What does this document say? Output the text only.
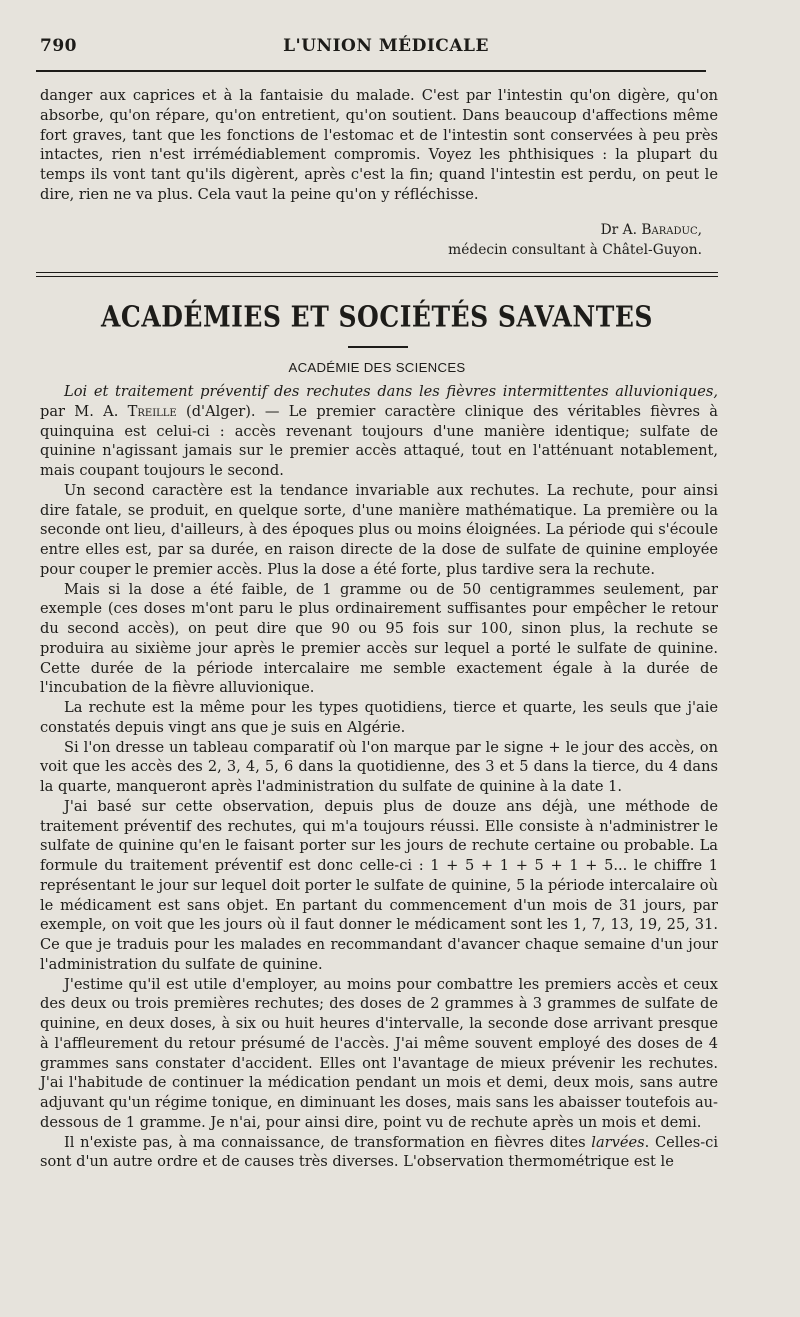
790	L'UNION MÉDICALE

danger aux caprices et à la fantaisie du malade. C'est par l'intestin qu'on digère, qu'on absorbe, qu'on répare, qu'on entretient, qu'on soutient. Dans beaucoup d'affections même fort graves, tant que les fonctions de l'estomac et de l'intestin sont conservées à peu près intactes, rien n'est irrémédiablement compromis. Voyez les phthisiques : la plupart du temps ils vont tant qu'ils digèrent, après c'est la fin; quand l'intestin est perdu, on peut le dire, rien ne va plus. Cela vaut la peine qu'on y réfléchisse.

Dr A. Baraduc,
médecin consultant à Châtel-Guyon.
ACADÉMIES ET SOCIÉTÉS SAVANTES
ACADÉMIE DES SCIENCES

Loi et traitement préventif des rechutes dans les fièvres intermittentes alluvioniques, par M. A. Treille (d'Alger). — Le premier caractère clinique des véritables fièvres à quinquina est celui-ci : accès revenant toujours d'une manière identique; sulfate de quinine n'agissant jamais sur le premier accès attaqué, tout en l'atténuant notablement, mais coupant toujours le second.

Un second caractère est la tendance invariable aux rechutes. La rechute, pour ainsi dire fatale, se produit, en quelque sorte, d'une manière mathématique. La première ou la seconde ont lieu, d'ailleurs, à des époques plus ou moins éloignées. La période qui s'écoule entre elles est, par sa durée, en raison directe de la dose de sulfate de quinine employée pour couper le premier accès. Plus la dose a été forte, plus tardive sera la rechute.

Mais si la dose a été faible, de 1 gramme ou de 50 centigrammes seulement, par exemple (ces doses m'ont paru le plus ordinairement suffisantes pour empêcher le retour du second accès), on peut dire que 90 ou 95 fois sur 100, sinon plus, la rechute se produira au sixième jour après le premier accès sur lequel a porté le sulfate de quinine. Cette durée de la période intercalaire me semble exactement égale à la durée de l'incubation de la fièvre alluvionique.

La rechute est la même pour les types quotidiens, tierce et quarte, les seuls que j'aie constatés depuis vingt ans que je suis en Algérie.

Si l'on dresse un tableau comparatif où l'on marque par le signe + le jour des accès, on voit que les accès des 2, 3, 4, 5, 6 dans la quotidienne, des 3 et 5 dans la tierce, du 4 dans la quarte, manqueront après l'administration du sulfate de quinine à la date 1.

J'ai basé sur cette observation, depuis plus de douze ans déjà, une méthode de traitement préventif des rechutes, qui m'a toujours réussi. Elle consiste à n'administrer le sulfate de quinine qu'en le faisant porter sur les jours de rechute certaine ou probable. La formule du traitement préventif est donc celle-ci : 1 + 5 + 1 + 5 + 1 + 5... le chiffre 1 représentant le jour sur lequel doit porter le sulfate de quinine, 5 la période intercalaire où le médicament est sans objet. En partant du commencement d'un mois de 31 jours, par exemple, on voit que les jours où il faut donner le médicament sont les 1, 7, 13, 19, 25, 31. Ce que je traduis pour les malades en recommandant d'avancer chaque semaine d'un jour l'administration du sulfate de quinine.

J'estime qu'il est utile d'employer, au moins pour combattre les premiers accès et ceux des deux ou trois premières rechutes; des doses de 2 grammes à 3 grammes de sulfate de quinine, en deux doses, à six ou huit heures d'intervalle, la seconde dose arrivant presque à l'affleurement du retour présumé de l'accès. J'ai même souvent employé des doses de 4 grammes sans constater d'accident. Elles ont l'avantage de mieux prévenir les rechutes. J'ai l'habitude de continuer la médication pendant un mois et demi, deux mois, sans autre adjuvant qu'un régime tonique, en diminuant les doses, mais sans les abaisser toutefois au-dessous de 1 gramme. Je n'ai, pour ainsi dire, point vu de rechute après un mois et demi.

Il n'existe pas, à ma connaissance, de transformation en fièvres dites larvées. Celles-ci sont d'un autre ordre et de causes très diverses. L'observation thermométrique est le
